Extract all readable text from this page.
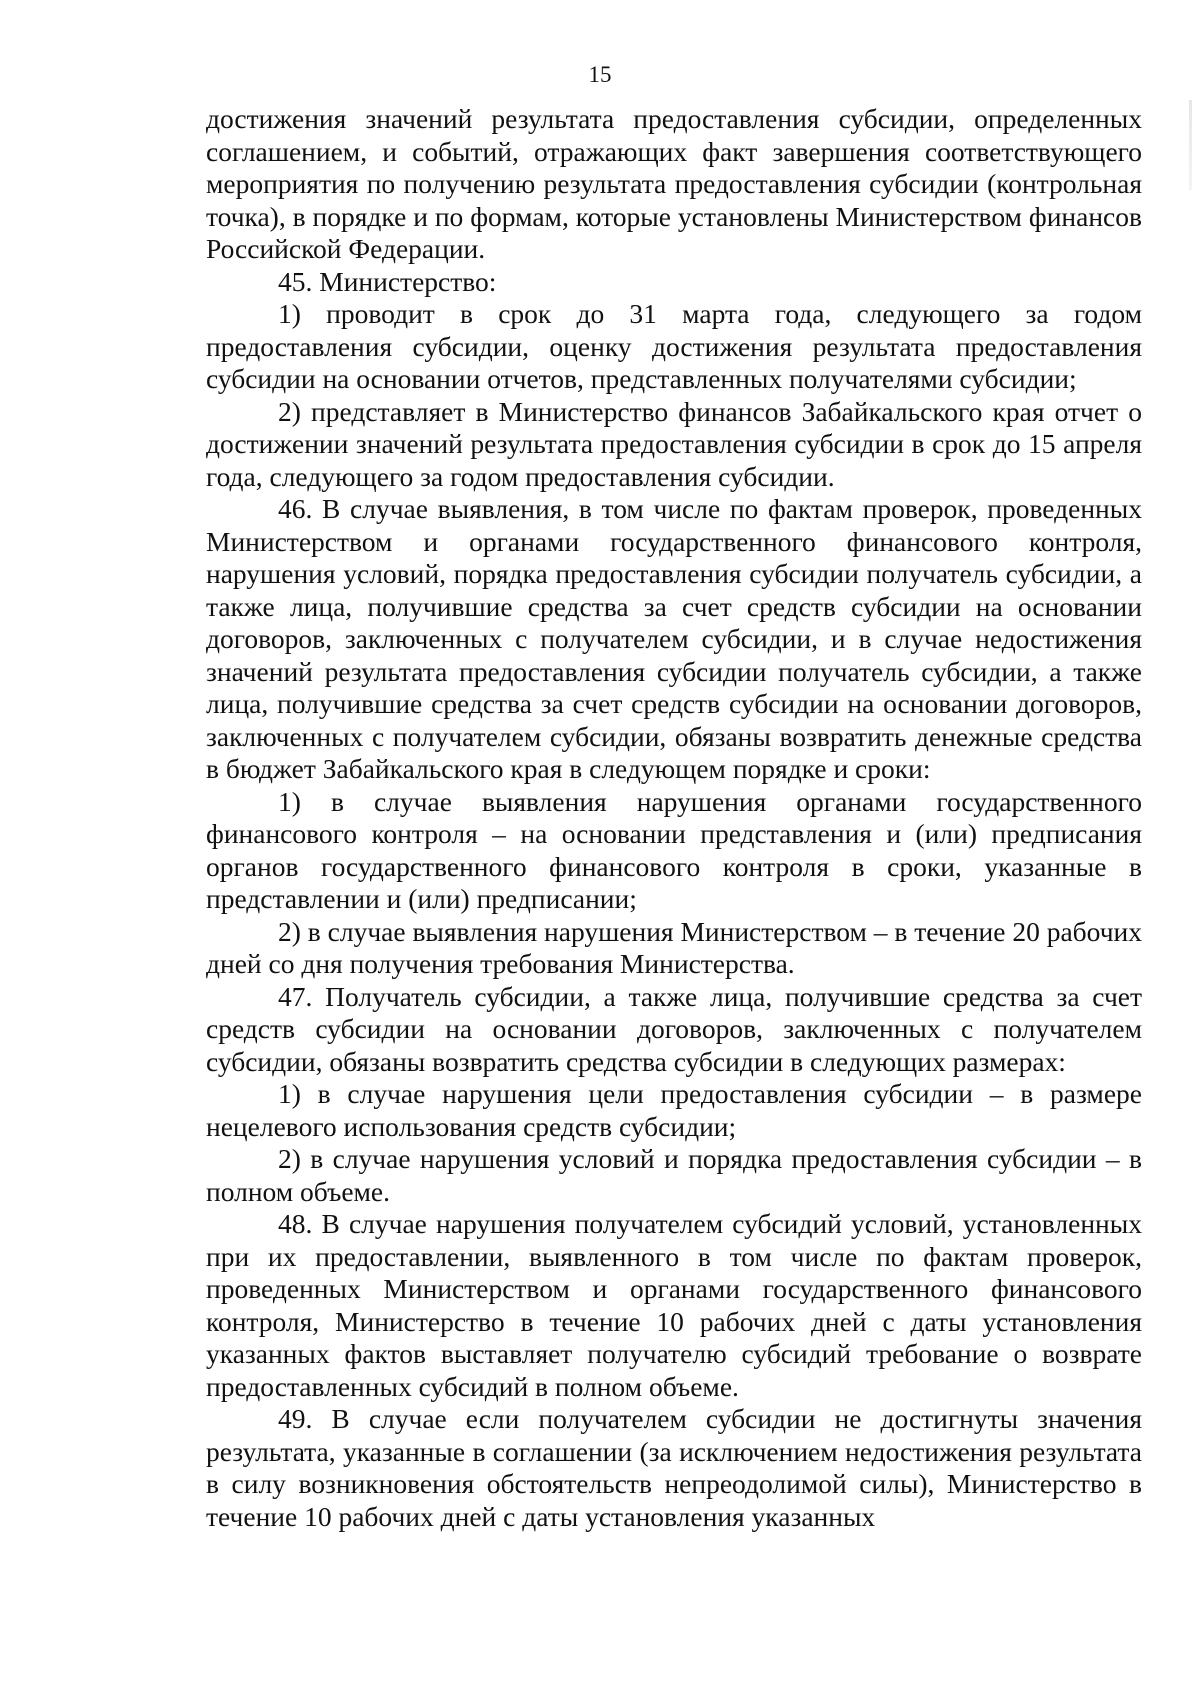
15

достижения значений результата предоставления субсидии, определенных соглашением, и событий, отражающих факт завершения соответствующего мероприятия по получению результата предоставления субсидии (контрольная точка), в порядке и по формам, которые установлены Министерством финансов Российской Федерации.

45. Министерство:

1) проводит в срок до 31 марта года, следующего за годом предоставления субсидии, оценку достижения результата предоставления субсидии на основании отчетов, представленных получателями субсидии;

2) представляет в Министерство финансов Забайкальского края отчет о достижении значений результата предоставления субсидии в срок до 15 апреля года, следующего за годом предоставления субсидии.

46. В случае выявления, в том числе по фактам проверок, проведенных Министерством и органами государственного финансового контроля, нарушения условий, порядка предоставления субсидии получатель субсидии, а также лица, получившие средства за счет средств субсидии на основании договоров, заключенных с получателем субсидии, и в случае недостижения значений результата предоставления субсидии получатель субсидии, а также лица, получившие средства за счет средств субсидии на основании договоров, заключенных с получателем субсидии, обязаны возвратить денежные средства в бюджет Забайкальского края в следующем порядке и сроки:

1) в случае выявления нарушения органами государственного финансового контроля – на основании представления и (или) предписания органов государственного финансового контроля в сроки, указанные в представлении и (или) предписании;

2) в случае выявления нарушения Министерством – в течение 20 рабочих дней со дня получения требования Министерства.

47. Получатель субсидии, а также лица, получившие средства за счет средств субсидии на основании договоров, заключенных с получателем субсидии, обязаны возвратить средства субсидии в следующих размерах:

1) в случае нарушения цели предоставления субсидии – в размере нецелевого использования средств субсидии;

2) в случае нарушения условий и порядка предоставления субсидии – в полном объеме.

48. В случае нарушения получателем субсидий условий, установленных при их предоставлении, выявленного в том числе по фактам проверок, проведенных Министерством и органами государственного финансового контроля, Министерство в течение 10 рабочих дней с даты установления указанных фактов выставляет получателю субсидий требование о возврате предоставленных субсидий в полном объеме.

49. В случае если получателем субсидии не достигнуты значения результата, указанные в соглашении (за исключением недостижения результата в силу возникновения обстоятельств непреодолимой силы), Министерство в течение 10 рабочих дней с даты установления указанных
